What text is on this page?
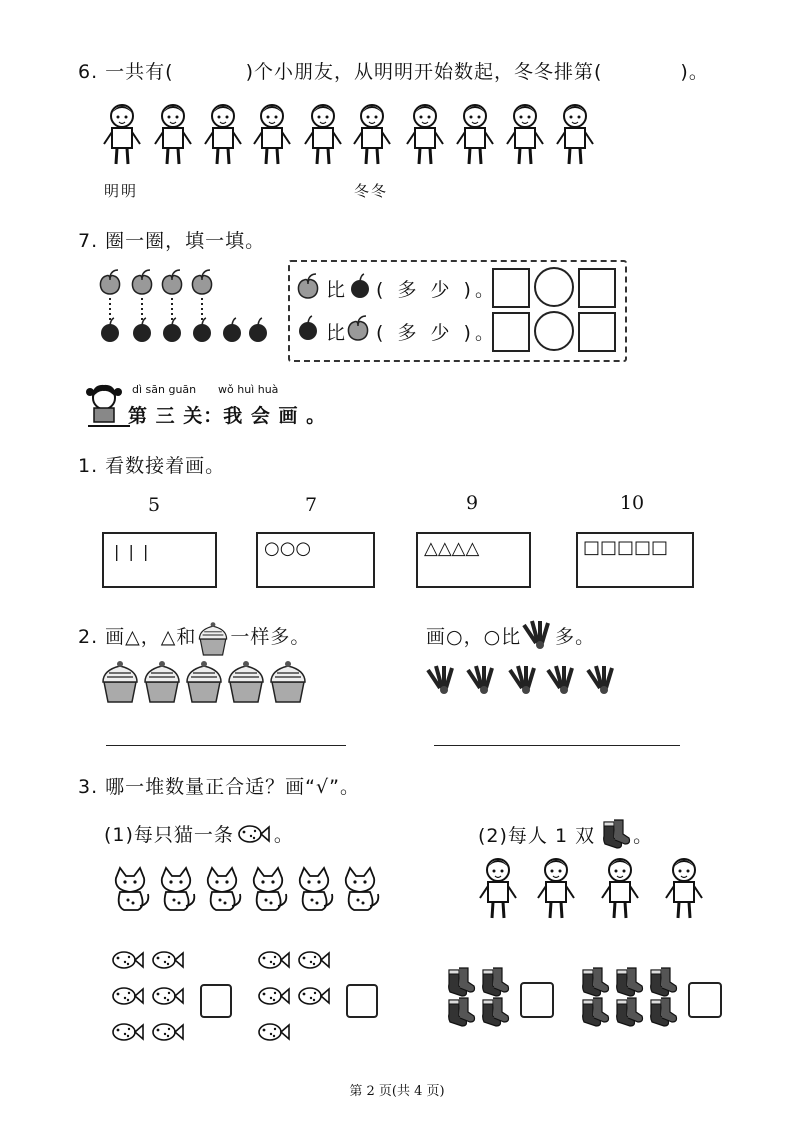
6. 一共有(	)个小朋友，从明明开始数起，冬冬排第(	)。
明明	冬冬
7. 圈一圈，填一填。
比 ( 多 少 )。
比 ( 多 少 )。
dì sān guān wǒ huì huà
第 三 关：我 会 画 。
1. 看数接着画。
5	7	9	10
| | |	○○○	△△△△	□□□□□
2. 画△，△和 一样多。	画○，○比 多。
3. 哪一堆数量正合适？画“√”。
(1)每只猫一条 。	(2)每人 1 双 。
第 2 页(共 4 页)
